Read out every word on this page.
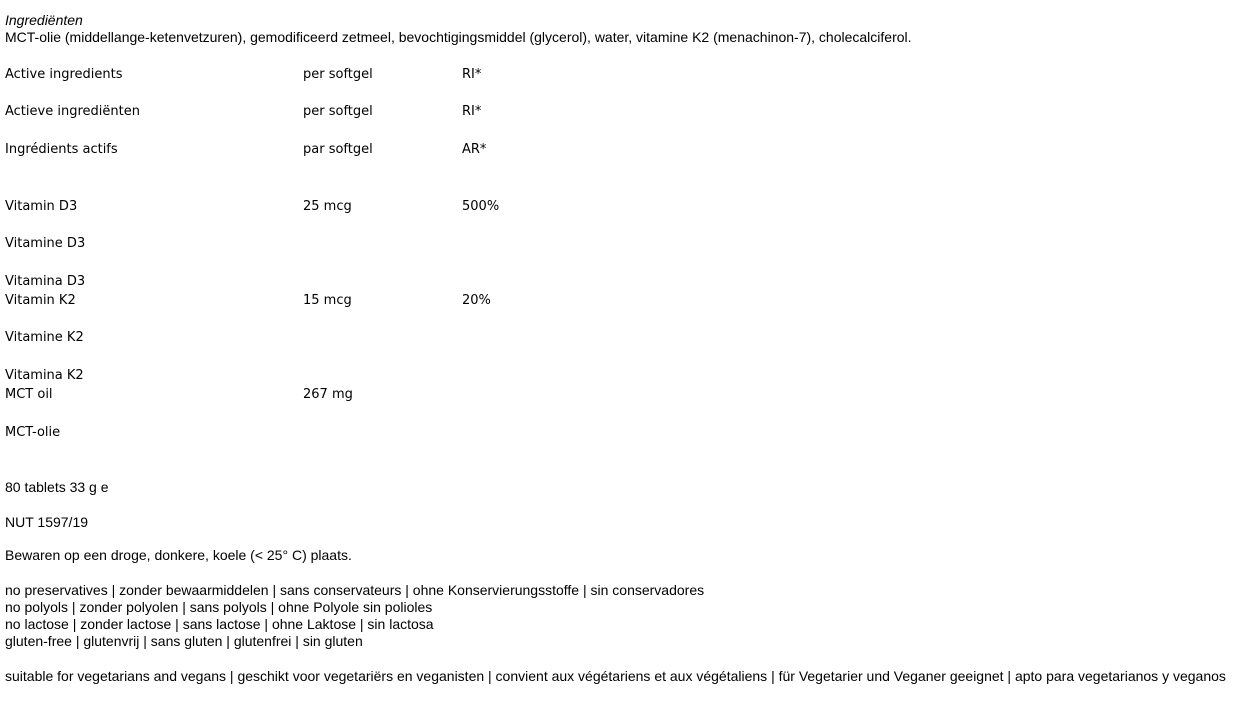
Ingrediënten
MCT-olie (middellange-ketenvetzuren), gemodificeerd zetmeel, bevochtigingsmiddel (glycerol), water, vitamine K2 (menachinon-7), cholecalciferol.
Active ingredients	per softgel	RI*
Actieve ingrediënten	per softgel	RI*
Ingrédients actifs	par softgel	AR*
Vitamin D3	25 mcg	500%
Vitamine D3
Vitamina D3
Vitamin K2	15 mcg	20%
Vitamine K2
Vitamina K2
MCT oil	267 mg
MCT-olie
80 tablets 33 g e
NUT 1597/19
Bewaren op een droge, donkere, koele (< 25° C) plaats.
no preservatives | zonder bewaarmiddelen | sans conservateurs | ohne Konservierungsstoffe | sin conservadores
no polyols | zonder polyolen | sans polyols | ohne Polyole sin polioles
no lactose | zonder lactose | sans lactose | ohne Laktose | sin lactosa
gluten-free | glutenvrij | sans gluten | glutenfrei | sin gluten
suitable for vegetarians and vegans | geschikt voor vegetariërs en veganisten | convient aux végétariens et aux végétaliens | für Vegetarier und Veganer geeignet | apto para vegetarianos y veganos
